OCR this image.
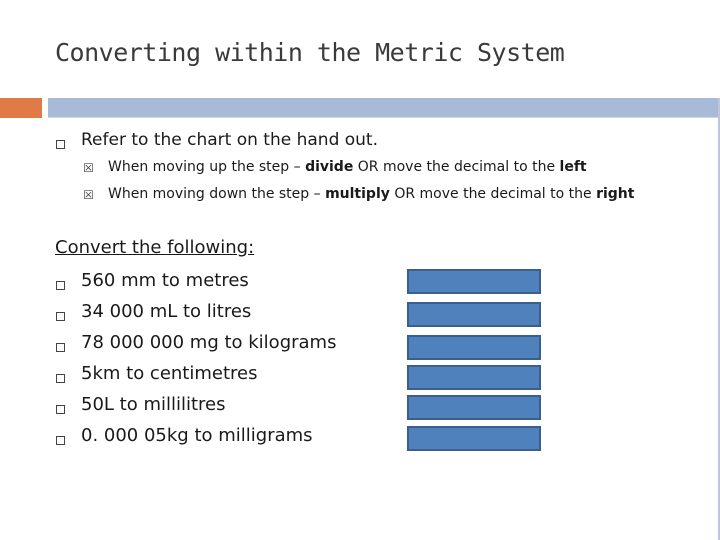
Converting within the Metric System
Refer to the chart on the hand out.
☒ When moving up the step – divide OR move the decimal to the left
☒ When moving down the step – multiply OR move the decimal to the right
Convert the following:
560 mm to metres
34 000 mL to litres
78 000 000 mg to kilograms
5km to centimetres
50L to millilitres
0. 000 05kg to milligrams
